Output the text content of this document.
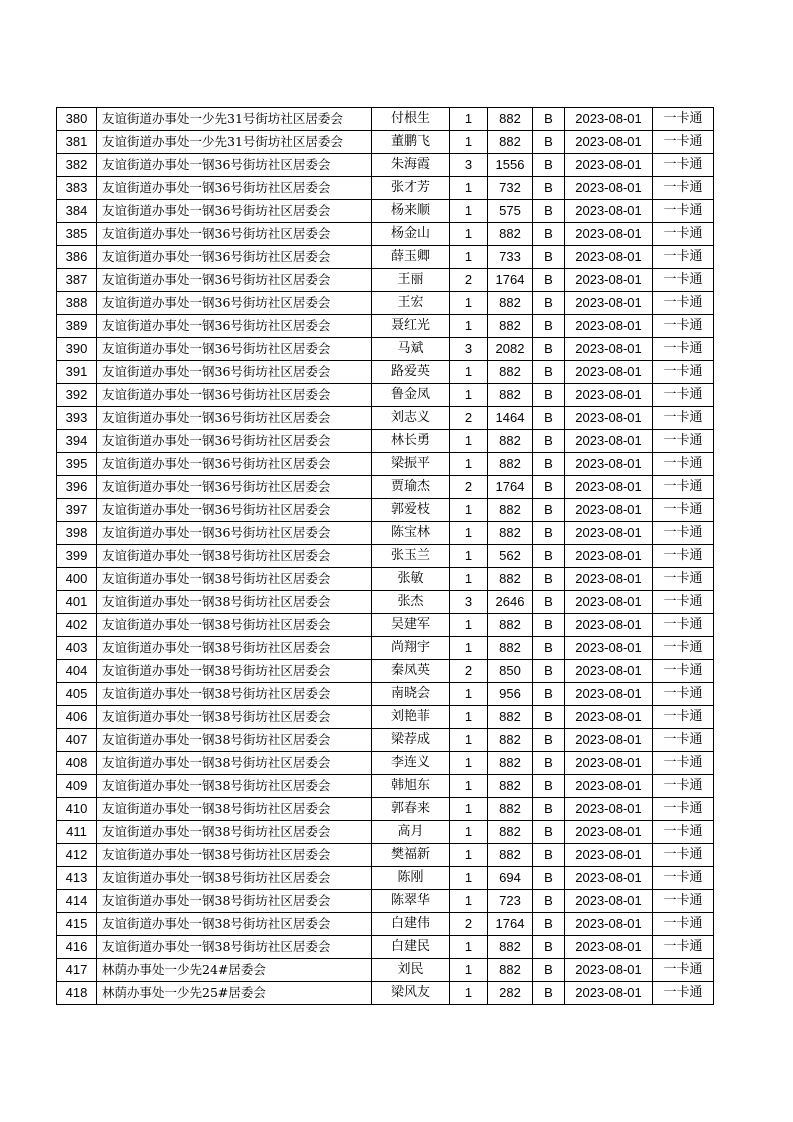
380	友谊街道办事处一少先31号街坊社区居委会	付根生	1	882	B	2023-08-01	一卡通
381	友谊街道办事处一少先31号街坊社区居委会	董鹏飞	1	882	B	2023-08-01	一卡通
382	友谊街道办事处一钢36号街坊社区居委会	朱海霞	3	1556	B	2023-08-01	一卡通
383	友谊街道办事处一钢36号街坊社区居委会	张才芳	1	732	B	2023-08-01	一卡通
384	友谊街道办事处一钢36号街坊社区居委会	杨来顺	1	575	B	2023-08-01	一卡通
385	友谊街道办事处一钢36号街坊社区居委会	杨金山	1	882	B	2023-08-01	一卡通
386	友谊街道办事处一钢36号街坊社区居委会	薛玉卿	1	733	B	2023-08-01	一卡通
387	友谊街道办事处一钢36号街坊社区居委会	王丽	2	1764	B	2023-08-01	一卡通
388	友谊街道办事处一钢36号街坊社区居委会	王宏	1	882	B	2023-08-01	一卡通
389	友谊街道办事处一钢36号街坊社区居委会	聂红光	1	882	B	2023-08-01	一卡通
390	友谊街道办事处一钢36号街坊社区居委会	马斌	3	2082	B	2023-08-01	一卡通
391	友谊街道办事处一钢36号街坊社区居委会	路爱英	1	882	B	2023-08-01	一卡通
392	友谊街道办事处一钢36号街坊社区居委会	鲁金凤	1	882	B	2023-08-01	一卡通
393	友谊街道办事处一钢36号街坊社区居委会	刘志义	2	1464	B	2023-08-01	一卡通
394	友谊街道办事处一钢36号街坊社区居委会	林长勇	1	882	B	2023-08-01	一卡通
395	友谊街道办事处一钢36号街坊社区居委会	梁振平	1	882	B	2023-08-01	一卡通
396	友谊街道办事处一钢36号街坊社区居委会	贾瑜杰	2	1764	B	2023-08-01	一卡通
397	友谊街道办事处一钢36号街坊社区居委会	郭爱枝	1	882	B	2023-08-01	一卡通
398	友谊街道办事处一钢36号街坊社区居委会	陈宝林	1	882	B	2023-08-01	一卡通
399	友谊街道办事处一钢38号街坊社区居委会	张玉兰	1	562	B	2023-08-01	一卡通
400	友谊街道办事处一钢38号街坊社区居委会	张敏	1	882	B	2023-08-01	一卡通
401	友谊街道办事处一钢38号街坊社区居委会	张杰	3	2646	B	2023-08-01	一卡通
402	友谊街道办事处一钢38号街坊社区居委会	吴建军	1	882	B	2023-08-01	一卡通
403	友谊街道办事处一钢38号街坊社区居委会	尚翔宇	1	882	B	2023-08-01	一卡通
404	友谊街道办事处一钢38号街坊社区居委会	秦凤英	2	850	B	2023-08-01	一卡通
405	友谊街道办事处一钢38号街坊社区居委会	南晓会	1	956	B	2023-08-01	一卡通
406	友谊街道办事处一钢38号街坊社区居委会	刘艳菲	1	882	B	2023-08-01	一卡通
407	友谊街道办事处一钢38号街坊社区居委会	梁荐成	1	882	B	2023-08-01	一卡通
408	友谊街道办事处一钢38号街坊社区居委会	李连义	1	882	B	2023-08-01	一卡通
409	友谊街道办事处一钢38号街坊社区居委会	韩旭东	1	882	B	2023-08-01	一卡通
410	友谊街道办事处一钢38号街坊社区居委会	郭春来	1	882	B	2023-08-01	一卡通
411	友谊街道办事处一钢38号街坊社区居委会	高月	1	882	B	2023-08-01	一卡通
412	友谊街道办事处一钢38号街坊社区居委会	樊福新	1	882	B	2023-08-01	一卡通
413	友谊街道办事处一钢38号街坊社区居委会	陈刚	1	694	B	2023-08-01	一卡通
414	友谊街道办事处一钢38号街坊社区居委会	陈翠华	1	723	B	2023-08-01	一卡通
415	友谊街道办事处一钢38号街坊社区居委会	白建伟	2	1764	B	2023-08-01	一卡通
416	友谊街道办事处一钢38号街坊社区居委会	白建民	1	882	B	2023-08-01	一卡通
417	林荫办事处一少先24#居委会	刘民	1	882	B	2023-08-01	一卡通
418	林荫办事处一少先25#居委会	梁风友	1	282	B	2023-08-01	一卡通
